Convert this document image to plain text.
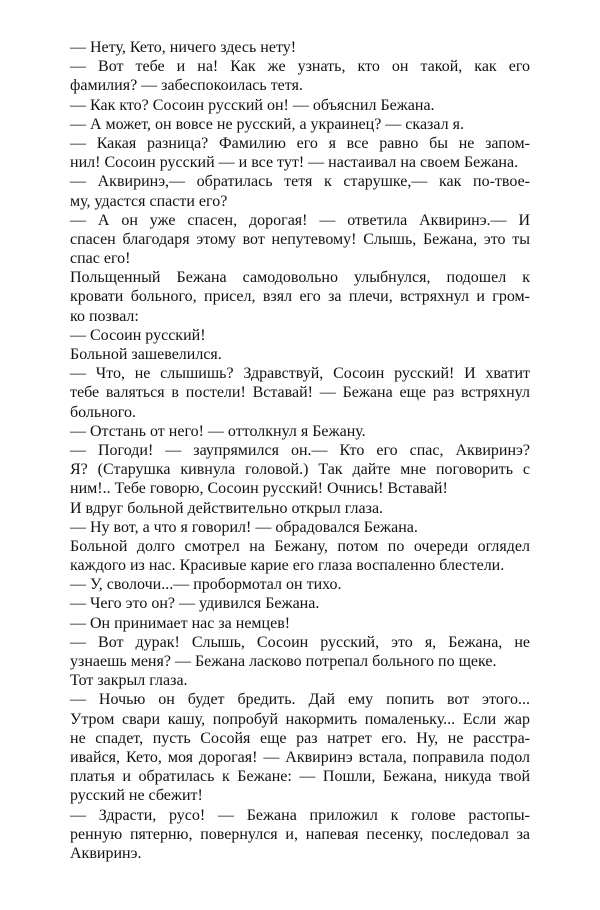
— Нету, Кето, ничего здесь нету!
— Вот тебе и на! Как же узнать, кто он такой, как его
фамилия? — забеспокоилась тетя.
— Как кто? Сосоин русский он! — объяснил Бежана.
— А может, он вовсе не русский, а украинец? — сказал я.
— Какая разница? Фамилию его я все равно бы не запом-
нил! Сосоин русский — и все тут! — настаивал на своем Бежана.
— Аквиринэ,— обратилась тетя к старушке,— как по-твое-
му, удастся спасти его?
— А он уже спасен, дорогая! — ответила Аквиринэ.— И
спасен благодаря этому вот непутевому! Слышь, Бежана, это ты
спас его!
Польщенный Бежана самодовольно улыбнулся, подошел к
кровати больного, присел, взял его за плечи, встряхнул и гром-
ко позвал:
— Сосоин русский!
Больной зашевелился.
— Что, не слышишь? Здравствуй, Сосоин русский! И хватит
тебе валяться в постели! Вставай! — Бежана еще раз встряхнул
больного.
— Отстань от него! — оттолкнул я Бежану.
— Погоди! — заупрямился он.— Кто его спас, Аквиринэ?
Я? (Старушка кивнула головой.) Так дайте мне поговорить с
ним!.. Тебе говорю, Сосоин русский! Очнись! Вставай!
И вдруг больной действительно открыл глаза.
— Ну вот, а что я говорил! — обрадовался Бежана.
Больной долго смотрел на Бежану, потом по очереди оглядел
каждого из нас. Красивые карие его глаза воспаленно блестели.
— У, сволочи...— пробормотал он тихо.
— Чего это он? — удивился Бежана.
— Он принимает нас за немцев!
— Вот дурак! Слышь, Сосоин русский, это я, Бежана, не
узнаешь меня? — Бежана ласково потрепал больного по щеке.
Тот закрыл глаза.
— Ночью он будет бредить. Дай ему попить вот этого...
Утром свари кашу, попробуй накормить помаленьку... Если жар
не спадет, пусть Сосойя еще раз натрет его. Ну, не расстра-
ивайся, Кето, моя дорогая! — Аквиринэ встала, поправила подол
платья и обратилась к Бежане: — Пошли, Бежана, никуда твой
русский не сбежит!
— Здрасти, русо! — Бежана приложил к голове растопы-
ренную пятерню, повернулся и, напевая песенку, последовал за
Аквиринэ.
